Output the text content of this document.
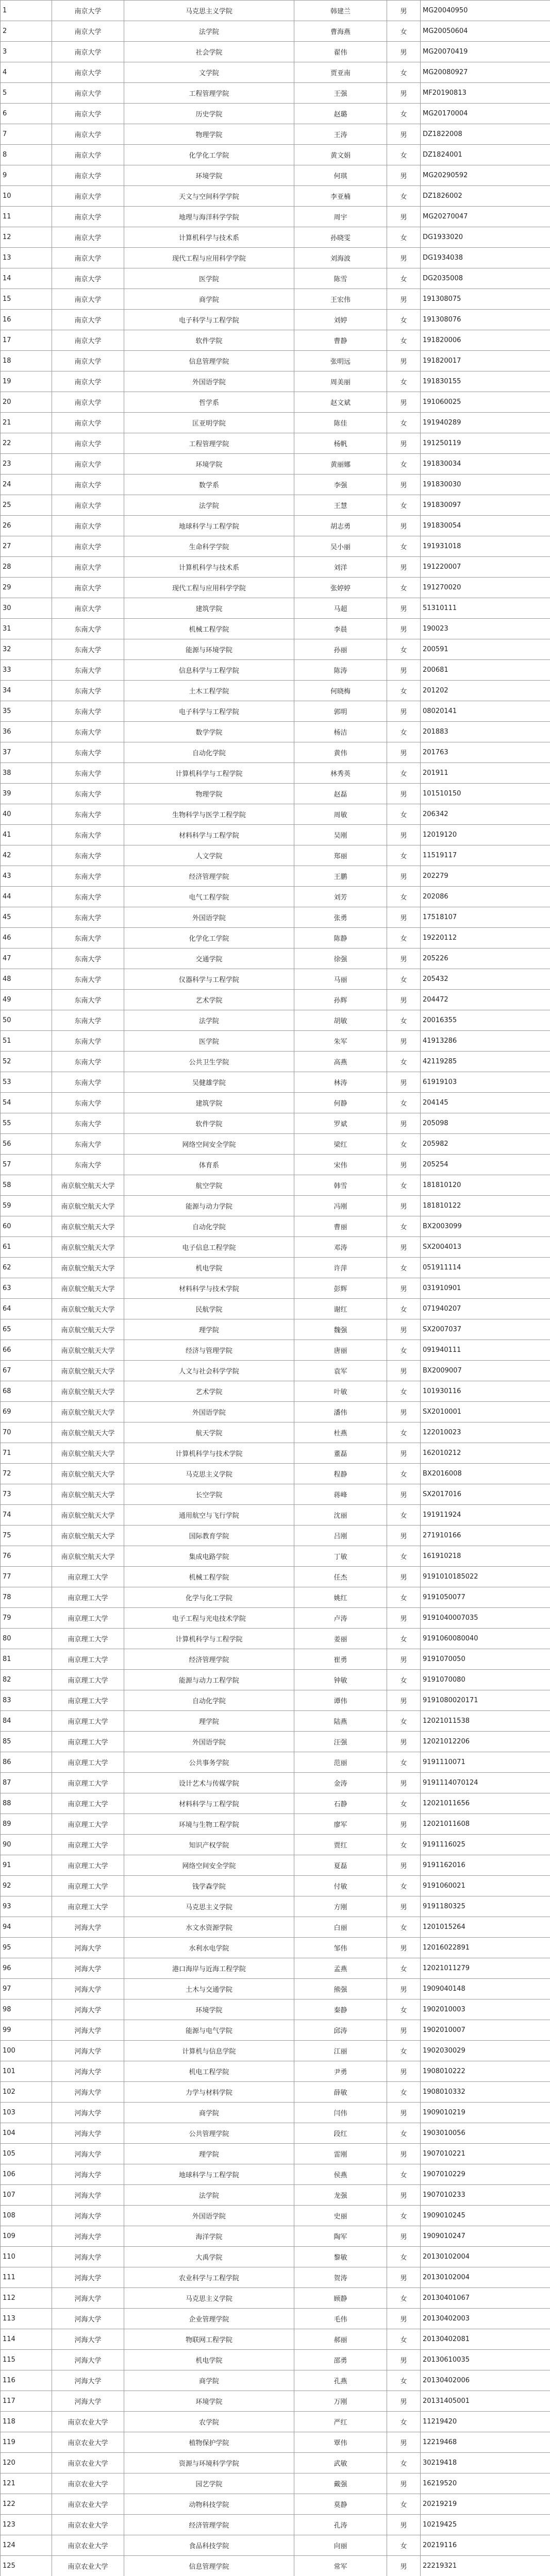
1	南京大学	马克思主义学院	韩建兰	男	MG20040950
2	南京大学	法学院	曹海燕	女	MG20050604
3	南京大学	社会学院	翟伟	男	MG20070419
4	南京大学	文学院	贾亚南	女	MG20080927
5	南京大学	工程管理学院	王强	男	MF20190813
6	南京大学	历史学院	赵璐	女	MG20170004
7	南京大学	物理学院	王涛	男	DZ1822008
8	南京大学	化学化工学院	黄文娟	女	DZ1824001
9	南京大学	环境学院	何琪	男	MG20290592
10	南京大学	天文与空间科学学院	李亚楠	女	DZ1826002
11	南京大学	地理与海洋科学学院	周宇	男	MG20270047
12	南京大学	计算机科学与技术系	孙晓雯	女	DG1933020
13	南京大学	现代工程与应用科学学院	刘海波	男	DG1934038
14	南京大学	医学院	陈雪	女	DG2035008
15	南京大学	商学院	王宏伟	男	191308075
16	南京大学	电子科学与工程学院	刘婷	女	191308076
17	南京大学	软件学院	曹静	女	191820006
18	南京大学	信息管理学院	张明远	男	191820017
19	南京大学	外国语学院	周美丽	女	191830155
20	南京大学	哲学系	赵文斌	男	191060025
21	南京大学	匡亚明学院	陈佳	女	191940289
22	南京大学	工程管理学院	杨帆	男	191250119
23	南京大学	环境学院	黄丽娜	女	191830034
24	南京大学	数学系	李强	男	191830030
25	南京大学	法学院	王慧	女	191830097
26	南京大学	地球科学与工程学院	胡志勇	男	191830054
27	南京大学	生命科学学院	吴小丽	女	191931018
28	南京大学	计算机科学与技术系	刘洋	男	191220007
29	南京大学	现代工程与应用科学学院	张婷婷	女	191270020
30	南京大学	建筑学院	马超	男	51310111
31	东南大学	机械工程学院	李晨	男	190023
32	东南大学	能源与环境学院	孙丽	女	200591
33	东南大学	信息科学与工程学院	陈涛	男	200681
34	东南大学	土木工程学院	何晓梅	女	201202
35	东南大学	电子科学与工程学院	郭明	男	08020141
36	东南大学	数学学院	杨洁	女	201883
37	东南大学	自动化学院	黄伟	男	201763
38	东南大学	计算机科学与工程学院	林秀英	女	201911
39	东南大学	物理学院	赵磊	男	101510150
40	东南大学	生物科学与医学工程学院	周敏	女	206342
41	东南大学	材料科学与工程学院	吴刚	男	12019120
42	东南大学	人文学院	郑丽	女	11519117
43	东南大学	经济管理学院	王鹏	男	202279
44	东南大学	电气工程学院	刘芳	女	202086
45	东南大学	外国语学院	张勇	男	17518107
46	东南大学	化学化工学院	陈静	女	19220112
47	东南大学	交通学院	徐强	男	205226
48	东南大学	仪器科学与工程学院	马丽	女	205432
49	东南大学	艺术学院	孙辉	男	204472
50	东南大学	法学院	胡敏	女	20016355
51	东南大学	医学院	朱军	男	41913286
52	东南大学	公共卫生学院	高燕	女	42119285
53	东南大学	吴健雄学院	林涛	男	61919103
54	东南大学	建筑学院	何静	女	204145
55	东南大学	软件学院	罗斌	男	205098
56	东南大学	网络空间安全学院	梁红	女	205982
57	东南大学	体育系	宋伟	男	205254
58	南京航空航天大学	航空学院	韩雪	女	181810120
59	南京航空航天大学	能源与动力学院	冯刚	男	181810122
60	南京航空航天大学	自动化学院	曹丽	女	BX2003099
61	南京航空航天大学	电子信息工程学院	邓涛	男	SX2004013
62	南京航空航天大学	机电学院	许萍	女	051911114
63	南京航空航天大学	材料科学与技术学院	彭辉	男	031910901
64	南京航空航天大学	民航学院	谢红	女	071940207
65	南京航空航天大学	理学院	魏强	男	SX2007037
66	南京航空航天大学	经济与管理学院	唐丽	女	091940111
67	南京航空航天大学	人文与社会科学学院	袁军	男	BX2009007
68	南京航空航天大学	艺术学院	叶敏	女	101930116
69	南京航空航天大学	外国语学院	潘伟	男	SX2010001
70	南京航空航天大学	航天学院	杜燕	女	122010023
71	南京航空航天大学	计算机科学与技术学院	董磊	男	162010212
72	南京航空航天大学	马克思主义学院	程静	女	BX2016008
73	南京航空航天大学	长空学院	蒋峰	男	SX2017016
74	南京航空航天大学	通用航空与飞行学院	沈丽	女	191911924
75	南京航空航天大学	国际教育学院	吕刚	男	271910166
76	南京航空航天大学	集成电路学院	丁敏	女	161910218
77	南京理工大学	机械工程学院	任杰	男	9191010185022
78	南京理工大学	化学与化工学院	姚红	女	9191050077
79	南京理工大学	电子工程与光电技术学院	卢涛	男	9191040007035
80	南京理工大学	计算机科学与工程学院	姜丽	女	9191060080040
81	南京理工大学	经济管理学院	崔勇	男	9191070050
82	南京理工大学	能源与动力工程学院	钟敏	女	9191070080
83	南京理工大学	自动化学院	谭伟	男	9191080020171
84	南京理工大学	理学院	陆燕	女	12021011538
85	南京理工大学	外国语学院	汪强	男	12021012206
86	南京理工大学	公共事务学院	范丽	女	9191110071
87	南京理工大学	设计艺术与传媒学院	金涛	男	9191114070124
88	南京理工大学	材料科学与工程学院	石静	女	12021011656
89	南京理工大学	环境与生物工程学院	廖军	男	12021011608
90	南京理工大学	知识产权学院	贾红	女	9191116025
91	南京理工大学	网络空间安全学院	夏磊	男	9191162016
92	南京理工大学	钱学森学院	付敏	女	9191060021
93	南京理工大学	马克思主义学院	方刚	男	9191180325
94	河海大学	水文水资源学院	白丽	女	1201015264
95	河海大学	水利水电学院	邹伟	男	12016022891
96	河海大学	港口海岸与近海工程学院	孟燕	女	12021011279
97	河海大学	土木与交通学院	熊强	男	1909040148
98	河海大学	环境学院	秦静	女	1902010003
99	河海大学	能源与电气学院	邱涛	男	1902010007
100	河海大学	计算机与信息学院	江丽	女	1902030029
101	河海大学	机电工程学院	尹勇	男	1908010222
102	河海大学	力学与材料学院	薛敏	女	1908010332
103	河海大学	商学院	闫伟	男	1909010219
104	河海大学	公共管理学院	段红	女	1903010056
105	河海大学	理学院	雷刚	男	1907010221
106	河海大学	地球科学与工程学院	侯燕	女	1907010229
107	河海大学	法学院	龙强	男	1907010233
108	河海大学	外国语学院	史丽	女	1909010245
109	河海大学	海洋学院	陶军	男	1909010247
110	河海大学	大禹学院	黎敏	女	20130102004
111	河海大学	农业科学与工程学院	贺涛	男	20130102004
112	河海大学	马克思主义学院	顾静	女	20130401067
113	河海大学	企业管理学院	毛伟	男	20130402003
114	河海大学	物联网工程学院	郝丽	女	20130402081
115	河海大学	机电学院	邵勇	男	20130610035
116	河海大学	商学院	孔燕	女	20130402006
117	河海大学	环境学院	万刚	男	20131405001
118	南京农业大学	农学院	严红	女	11219420
119	南京农业大学	植物保护学院	覃伟	男	12219468
120	南京农业大学	资源与环境科学学院	武敏	女	30219418
121	南京农业大学	园艺学院	戴强	男	16219520
122	南京农业大学	动物科技学院	莫静	女	20219219
123	南京农业大学	经济管理学院	孔涛	男	10219425
124	南京农业大学	食品科技学院	向丽	女	20219116
125	南京农业大学	信息管理学院	常军	男	22219321
